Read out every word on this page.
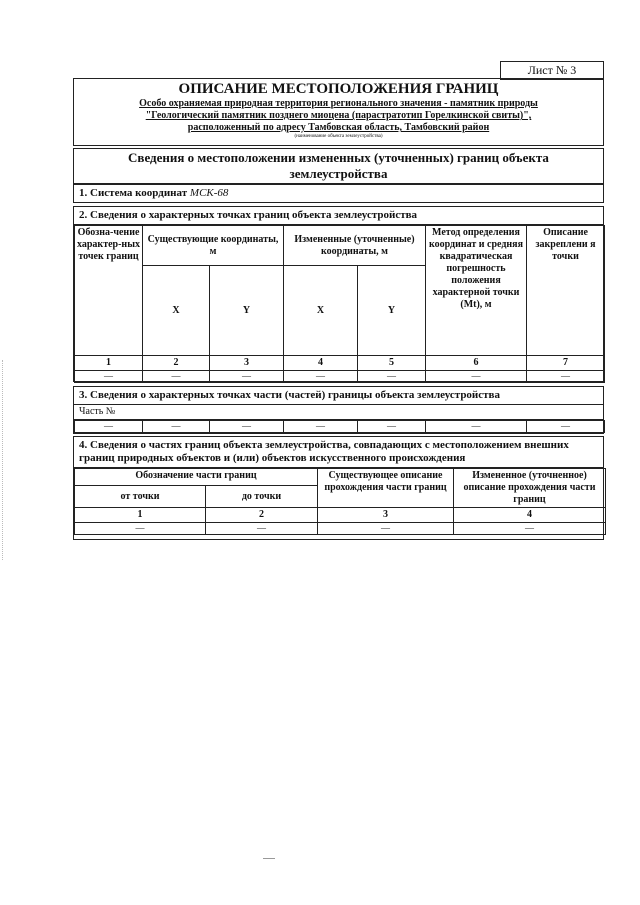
Лист № 3
ОПИСАНИЕ МЕСТОПОЛОЖЕНИЯ ГРАНИЦ
Особо охраняемая природная территория регионального значения - памятник природы
"Геологический памятник позднего миоцена (парастратотип Горелкинской свиты)",
расположенный по адресу Тамбовская область, Тамбовский район
(наименование объекта землеустройства)
Сведения о местоположении измененных (уточненных) границ объекта землеустройства
1. Система координат МСК-68
2. Сведения о характерных точках границ объекта землеустройства
Обозна-чение характер-ных точек границ	Существующие координаты, м		Измененные (уточненные) координаты, м		Метод определения координат и средняя квадратическая погрешность положения характерной точки (Mt), м	Описание закреплени я точки
	X	Y	X	Y		
1	2	3	4	5	6	7
—	—	—	—	—	—	—
3. Сведения о характерных точках части (частей) границы объекта землеустройства
Часть №
—	—	—	—	—	—	—
4. Сведения о частях границ объекта землеустройства, совпадающих с местоположением внешних границ природных объектов и (или) объектов искусственного происхождения
Обозначение части границ		Существующее описание прохождения части границ	Измененное (уточненное) описание прохождения части границ
от точки	до точки		
1	2	3	4
—	—	—	—
